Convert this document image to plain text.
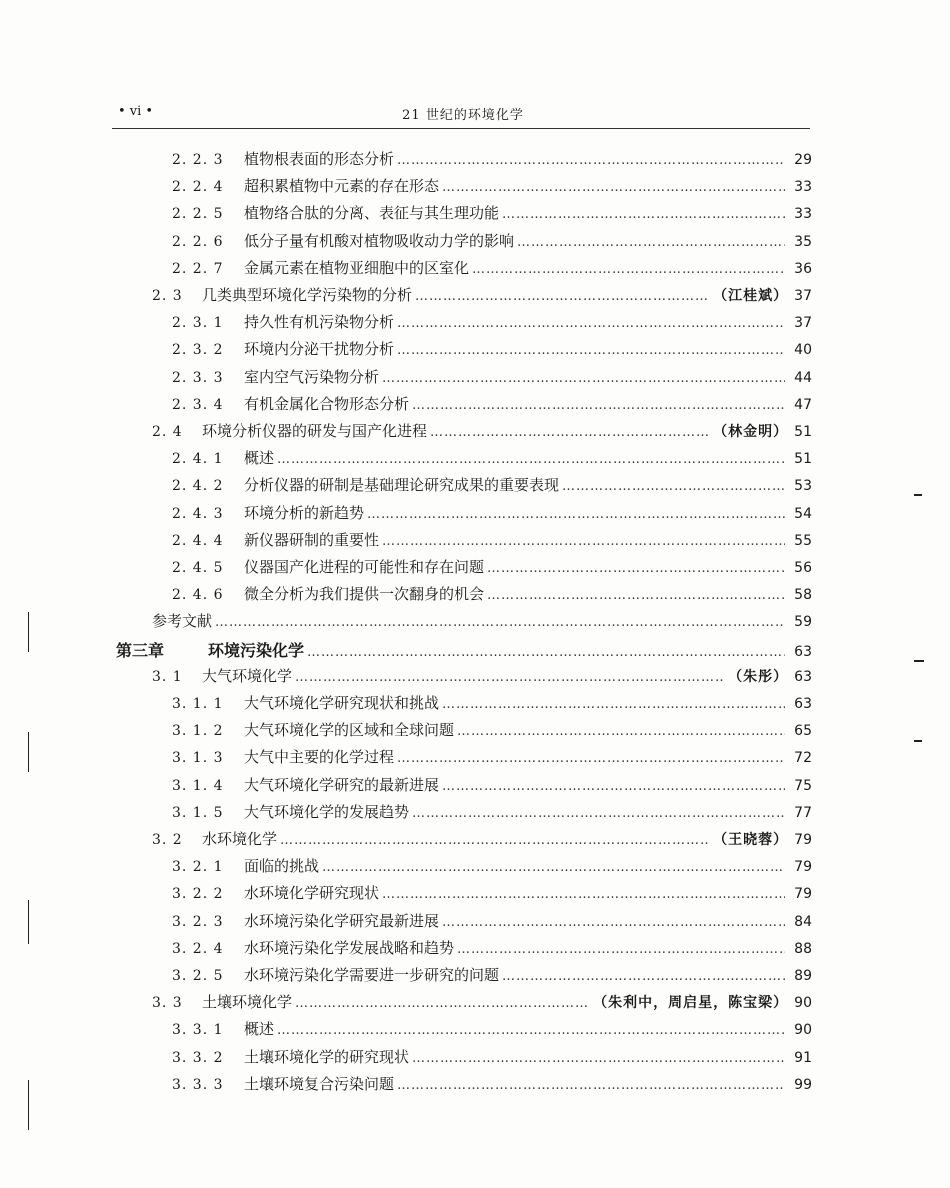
• vi •	21 世纪的环境化学
2. 2. 3	植物根表面的形态分析 ……………………………………………………………………………………………………………………………………………………	29
2. 2. 4	超积累植物中元素的存在形态 ……………………………………………………………………………………………………………………………………………………	33
2. 2. 5	植物络合肽的分离、表征与其生理功能 ……………………………………………………………………………………………………………………………………………………	33
2. 2. 6	低分子量有机酸对植物吸收动力学的影响 ……………………………………………………………………………………………………………………………………………………	35
2. 2. 7	金属元素在植物亚细胞中的区室化 ……………………………………………………………………………………………………………………………………………………	36
2. 3	几类典型环境化学污染物的分析 ……………………………………………………………………………………………………………………………………………………	（江桂斌） 37
2. 3. 1	持久性有机污染物分析 ……………………………………………………………………………………………………………………………………………………	37
2. 3. 2	环境内分泌干扰物分析 ……………………………………………………………………………………………………………………………………………………	40
2. 3. 3	室内空气污染物分析 ……………………………………………………………………………………………………………………………………………………	44
2. 3. 4	有机金属化合物形态分析 ……………………………………………………………………………………………………………………………………………………	47
2. 4	环境分析仪器的研发与国产化进程 ……………………………………………………………………………………………………………………………………………………	（林金明） 51
2. 4. 1	概述 ……………………………………………………………………………………………………………………………………………………	51
2. 4. 2	分析仪器的研制是基础理论研究成果的重要表现 ……………………………………………………………………………………………………………………………………………………	53
2. 4. 3	环境分析的新趋势 ……………………………………………………………………………………………………………………………………………………	54
2. 4. 4	新仪器研制的重要性 ……………………………………………………………………………………………………………………………………………………	55
2. 4. 5	仪器国产化进程的可能性和存在问题 ……………………………………………………………………………………………………………………………………………………	56
2. 4. 6	微全分析为我们提供一次翻身的机会 ……………………………………………………………………………………………………………………………………………………	58
参考文献 ……………………………………………………………………………………………………………………………………………………	59
第三章	环境污染化学 ……………………………………………………………………………………………………………………………………………………	63
3. 1	大气环境化学 ……………………………………………………………………………………………………………………………………………………	（朱彤） 63
3. 1. 1	大气环境化学研究现状和挑战 ……………………………………………………………………………………………………………………………………………………	63
3. 1. 2	大气环境化学的区域和全球问题 ……………………………………………………………………………………………………………………………………………………	65
3. 1. 3	大气中主要的化学过程 ……………………………………………………………………………………………………………………………………………………	72
3. 1. 4	大气环境化学研究的最新进展 ……………………………………………………………………………………………………………………………………………………	75
3. 1. 5	大气环境化学的发展趋势 ……………………………………………………………………………………………………………………………………………………	77
3. 2	水环境化学 ……………………………………………………………………………………………………………………………………………………	（王晓蓉） 79
3. 2. 1	面临的挑战 ……………………………………………………………………………………………………………………………………………………	79
3. 2. 2	水环境化学研究现状 ……………………………………………………………………………………………………………………………………………………	79
3. 2. 3	水环境污染化学研究最新进展 ……………………………………………………………………………………………………………………………………………………	84
3. 2. 4	水环境污染化学发展战略和趋势 ……………………………………………………………………………………………………………………………………………………	88
3. 2. 5	水环境污染化学需要进一步研究的问题 ……………………………………………………………………………………………………………………………………………………	89
3. 3	土壤环境化学 ……………………………………………………………………………………………………………………………………………………	（朱利中，周启星，陈宝梁） 90
3. 3. 1	概述 ……………………………………………………………………………………………………………………………………………………	90
3. 3. 2	土壤环境化学的研究现状 ……………………………………………………………………………………………………………………………………………………	91
3. 3. 3	土壤环境复合污染问题 ……………………………………………………………………………………………………………………………………………………	99
